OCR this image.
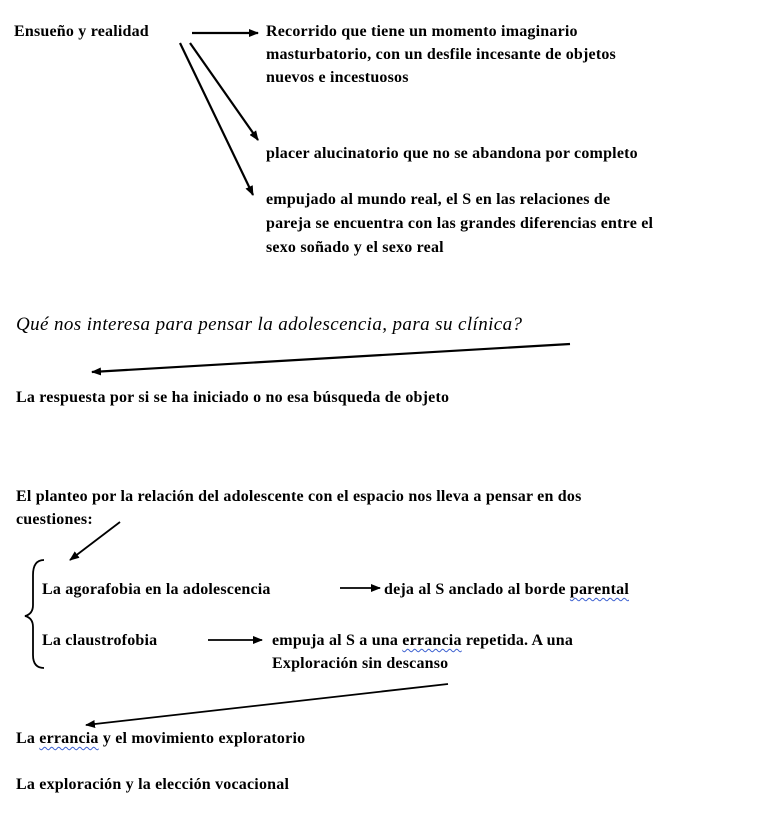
Ensueño y realidad	Recorrido que tiene un momento imaginario
masturbatorio, con un desfile incesante de objetos
nuevos e incestuosos
placer alucinatorio que no se abandona por completo
empujado al mundo real, el S en las relaciones de
pareja se encuentra con las grandes diferencias entre el
sexo soñado y el sexo real
Qué nos interesa para pensar la adolescencia, para su clínica?
La respuesta por si se ha iniciado o no esa búsqueda de objeto
El planteo por la relación del adolescente con el espacio nos lleva a pensar en dos
cuestiones:
La agorafobia en la adolescencia	deja al S anclado al borde parental
La claustrofobia	empuja al S a una errancia repetida. A una
Exploración sin descanso
La errancia y el movimiento exploratorio
La exploración y la elección vocacional
